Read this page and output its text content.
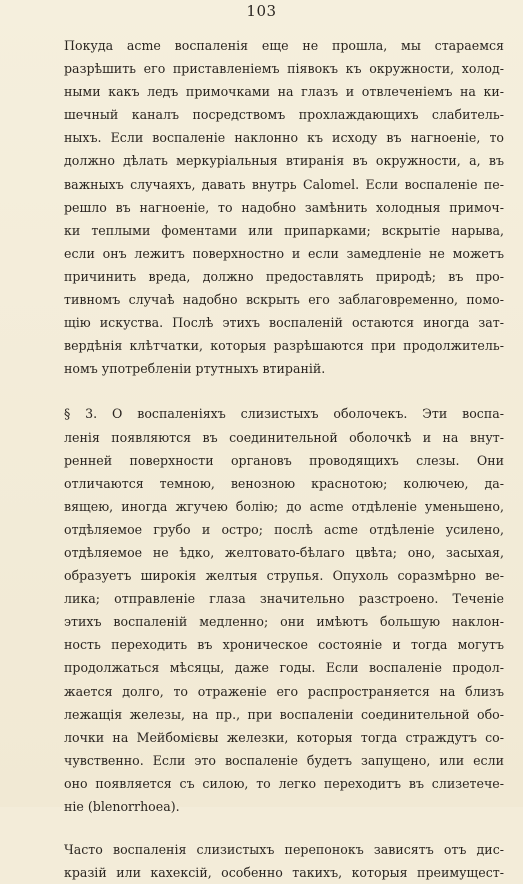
103
Покуда acme воспаленія еще не прошла, мы стараемся
разрѣшить его приставленіемъ піявокъ къ окружности, холод-
ными какъ ледъ примочками на глазъ и отвлеченіемъ на ки-
шечный каналъ посредствомъ прохлаждающихъ слабитель-
ныхъ. Если воспаленіе наклонно къ исходу въ нагноеніе, то
должно дѣлать меркуріальныя втиранія въ окружности, а, въ
важныхъ случаяхъ, давать внутрь Calomel. Если воспаленіе пе-
решло въ нагноеніе, то надобно замѣнить холодныя примоч-
ки теплыми фоментами или припарками; вскрытіе нарыва,
если онъ лежитъ поверхностно и если замедленіе не можетъ
причинить вреда, должно предоставлять природѣ; въ про-
тивномъ случаѣ надобно вскрыть его заблаговременно, помо-
щію искуства. Послѣ этихъ воспаленій остаются иногда зат-
вердѣнія клѣтчатки, которыя разрѣшаются при продолжитель-
номъ употребленіи ртутныхъ втираній.
§ 3. О воспаленіяхъ слизистыхъ оболочекъ. Эти воспа-
ленія появляются въ соединительной оболочкѣ и на внут-
ренней поверхности органовъ проводящихъ слезы. Они
отличаются темною, венозною краснотою; колючею, да-
вящею, иногда жгучею болію; до acme отдѣленіе уменьшено,
отдѣляемое грубо и остро; послѣ acme отдѣленіе усилено,
отдѣляемое не ѣдко, желтовато-бѣлаго цвѣта; оно, засыхая,
образуетъ широкія желтыя струпья. Опухоль соразмѣрно ве-
лика; отправленіе глаза значительно разстроено. Теченіе
этихъ воспаленій медленно; они имѣютъ большую наклон-
ность переходить въ хроническое состояніе и тогда могутъ
продолжаться мѣсяцы, даже годы. Если воспаленіе продол-
жается долго, то отраженіе его распространяется на близъ
лежащія железы, на пр., при воспаленіи соединительной обо-
лочки на Мейбомієвы железки, которыя тогда страждутъ со-
чувственно. Если это воспаленіе будетъ запущено, или если
оно появляется съ силою, то легко переходитъ въ слизетече-
ніе (blenorrhoea).
Часто воспаленія слизистыхъ перепонокъ зависятъ отъ дис-
кразій или кахексій, особенно такихъ, которыя преимущест-
